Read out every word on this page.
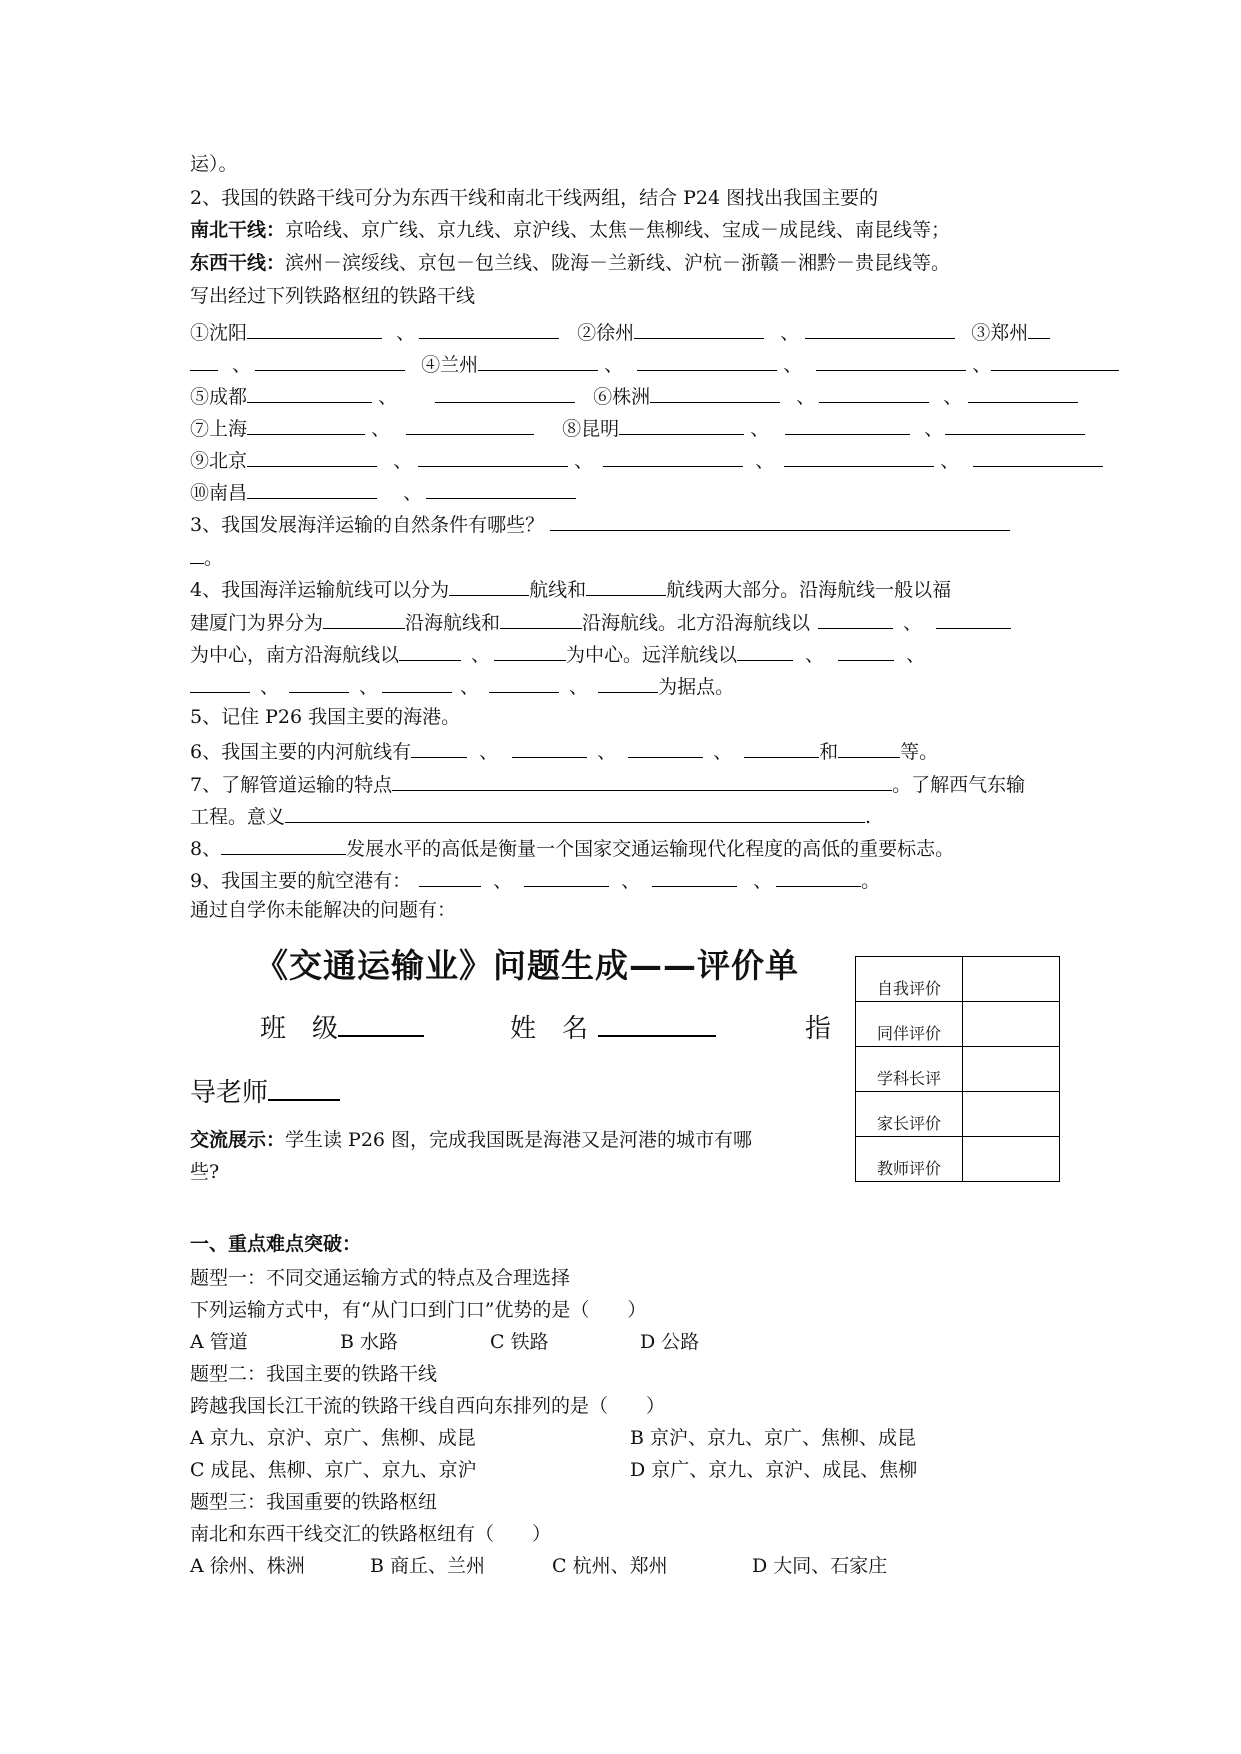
运）。
2、我国的铁路干线可分为东西干线和南北干线两组，结合 P24 图找出我国主要的
南北干线：京哈线、京广线、京九线、京沪线、太焦－焦柳线、宝成－成昆线、南昆线等；
东西干线：滨州－滨绥线、京包－包兰线、陇海－兰新线、沪杭－浙赣－湘黔－贵昆线等。
写出经过下列铁路枢纽的铁路干线
①沈阳	、	②徐州	、	③郑州
、	④兰州	、	、	、
⑤成都	、	⑥株洲	、	、
⑦上海	、	⑧昆明	、	、
⑨北京	、	、	、	、
⑩南昌	、
3、我国发展海洋运输的自然条件有哪些？
。
4、我国海洋运输航线可以分为	航线和	航线两大部分。沿海航线一般以福
建厦门为界分为	沿海航线和	沿海航线。北方沿海航线以	、
为中心，南方沿海航线以	、	为中心。远洋航线以	、	、
、	、	、	、	为据点。
5、记住 P26 我国主要的海港。
6、我国主要的内河航线有	、	、	、	和	等。
7、了解管道运输的特点	。了解西气东输
工程。意义	.
8、	发展水平的高低是衡量一个国家交通运输现代化程度的高低的重要标志。
9、我国主要的航空港有：	、	、	、	。
通过自学你未能解决的问题有：
《交通运输业》问题生成——评价单
班　级	姓　名	指
导老师
交流展示：学生读 P26 图，完成我国既是海港又是河港的城市有哪
些?
自我评价	
同伴评价	
学科长评	
家长评价	
教师评价	
一、重点难点突破：
题型一：不同交通运输方式的特点及合理选择
下列运输方式中，有“从门口到门口”优势的是（　　）
A 管道	B 水路	C 铁路	D 公路
题型二：我国主要的铁路干线
跨越我国长江干流的铁路干线自西向东排列的是（　　）
A 京九、京沪、京广、焦柳、成昆	B 京沪、京九、京广、焦柳、成昆
C 成昆、焦柳、京广、京九、京沪	D 京广、京九、京沪、成昆、焦柳
题型三：我国重要的铁路枢纽
南北和东西干线交汇的铁路枢纽有（　　）
A 徐州、株洲	B 商丘、兰州	C 杭州、郑州	D 大同、石家庄
